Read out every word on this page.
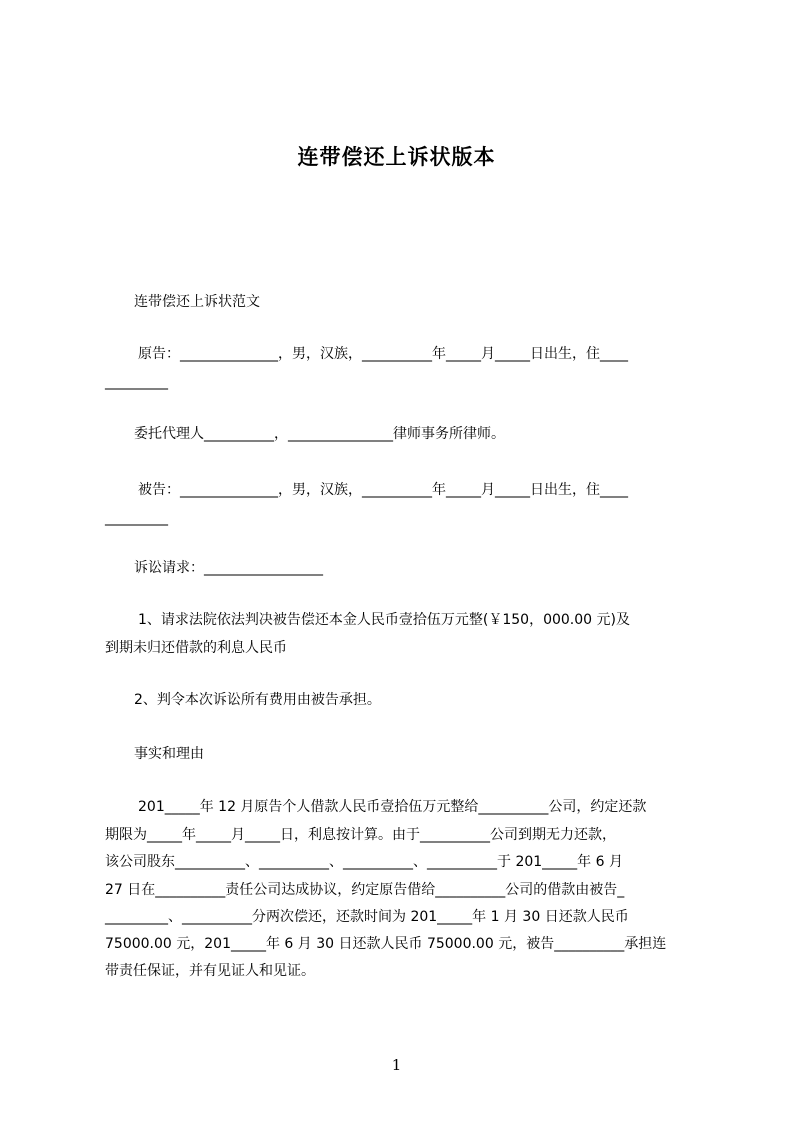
连带偿还上诉状版本
连带偿还上诉状范文
原告：______________，男，汉族，__________年_____月_____日出生，住____
_________
委托代理人__________，_______________律师事务所律师。
被告：______________，男，汉族，__________年_____月_____日出生，住____
_________
诉讼请求：_________________
1、请求法院依法判决被告偿还本金人民币壹拾伍万元整(￥150，000.00 元)及
到期未归还借款的利息人民币
2、判令本次诉讼所有费用由被告承担。
事实和理由
201_____年 12 月原告个人借款人民币壹拾伍万元整给__________公司，约定还款
期限为_____年_____月_____日，利息按计算。由于__________公司到期无力还款，
该公司股东__________、__________、__________、__________于 201_____年 6 月
27 日在__________责任公司达成协议，约定原告借给__________公司的借款由被告_
_________、__________分两次偿还，还款时间为 201_____年 1 月 30 日还款人民币
75000.00 元，201_____年 6 月 30 日还款人民币 75000.00 元，被告__________承担连
带责任保证，并有见证人和见证。
1
